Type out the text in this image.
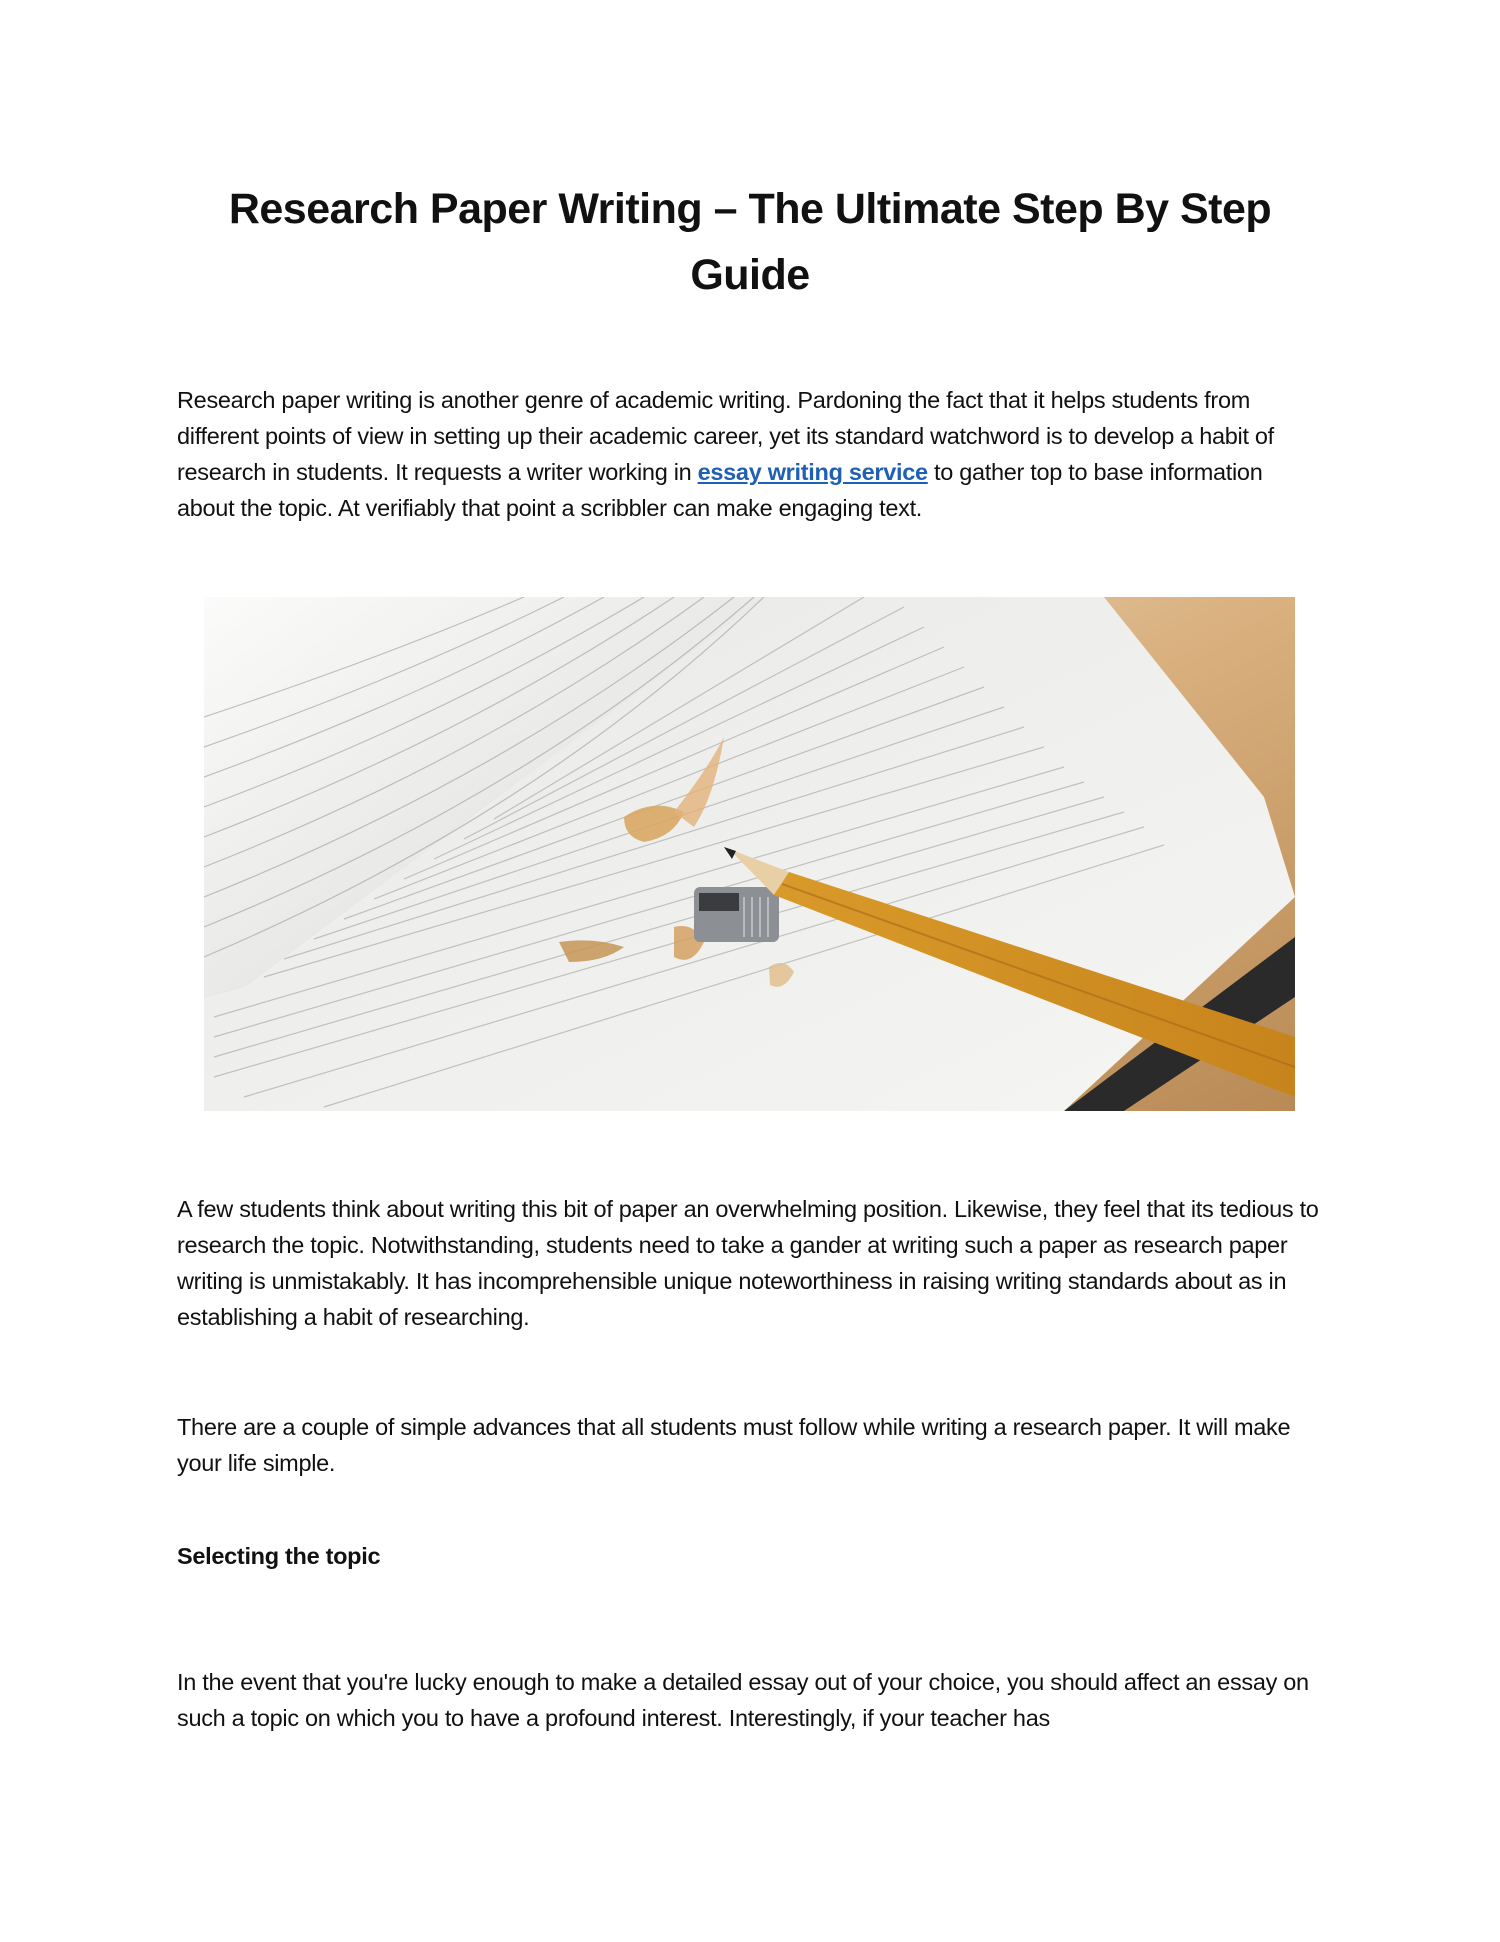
Research Paper Writing – The Ultimate Step By Step Guide

Research paper writing is another genre of academic writing. Pardoning the fact that it helps students from different points of view in setting up their academic career, yet its standard watchword is to develop a habit of research in students. It requests a writer working in essay writing service to gather top to base information about the topic. At verifiably that point a scribbler can make engaging text.

A few students think about writing this bit of paper an overwhelming position. Likewise, they feel that its tedious to research the topic. Notwithstanding, students need to take a gander at writing such a paper as research paper writing is unmistakably. It has incomprehensible unique noteworthiness in raising writing standards about as in establishing a habit of researching.

There are a couple of simple advances that all students must follow while writing a research paper. It will make your life simple.

Selecting the topic

In the event that you're lucky enough to make a detailed essay out of your choice, you should affect an essay on such a topic on which you to have a profound interest. Interestingly, if your teacher has
